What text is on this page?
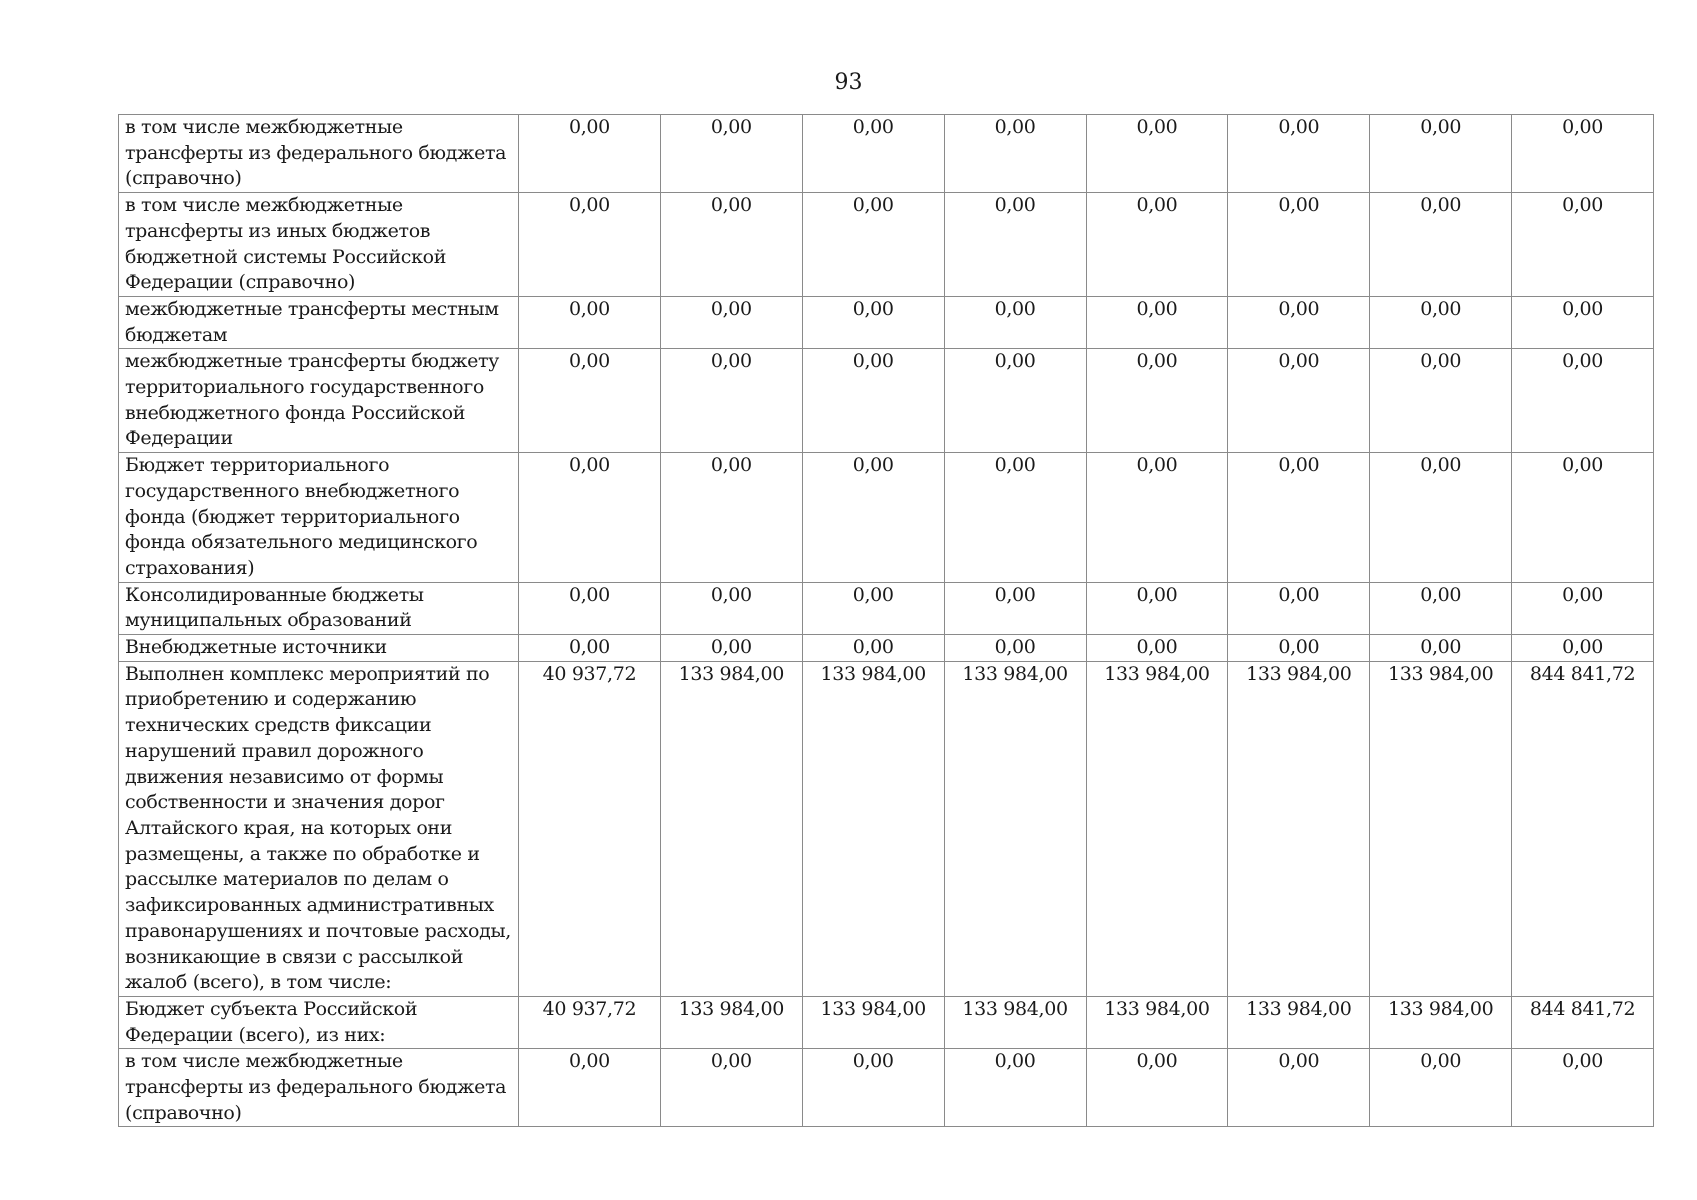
93
в том числе межбюджетные трансферты из федерального бюджета (справочно)	0,00	0,00	0,00	0,00	0,00	0,00	0,00	0,00
в том числе межбюджетные трансферты из иных бюджетов бюджетной системы Российской Федерации (справочно)	0,00	0,00	0,00	0,00	0,00	0,00	0,00	0,00
межбюджетные трансферты местным бюджетам	0,00	0,00	0,00	0,00	0,00	0,00	0,00	0,00
межбюджетные трансферты бюджету территориального государственного внебюджетного фонда Российской Федерации	0,00	0,00	0,00	0,00	0,00	0,00	0,00	0,00
Бюджет территориального государственного внебюджетного фонда (бюджет территориального фонда обязательного медицинского страхования)	0,00	0,00	0,00	0,00	0,00	0,00	0,00	0,00
Консолидированные бюджеты муниципальных образований	0,00	0,00	0,00	0,00	0,00	0,00	0,00	0,00
Внебюджетные источники	0,00	0,00	0,00	0,00	0,00	0,00	0,00	0,00
Выполнен комплекс мероприятий по приобретению и содержанию технических средств фиксации нарушений правил дорожного движения независимо от формы собственности и значения дорог Алтайского края, на которых они размещены, а также по обработке и рассылке материалов по делам о зафиксированных административных правонарушениях и почтовые расходы, возникающие в связи с рассылкой жалоб (всего), в том числе:	40 937,72	133 984,00	133 984,00	133 984,00	133 984,00	133 984,00	133 984,00	844 841,72
Бюджет субъекта Российской Федерации (всего), из них:	40 937,72	133 984,00	133 984,00	133 984,00	133 984,00	133 984,00	133 984,00	844 841,72
в том числе межбюджетные трансферты из федерального бюджета (справочно)	0,00	0,00	0,00	0,00	0,00	0,00	0,00	0,00
